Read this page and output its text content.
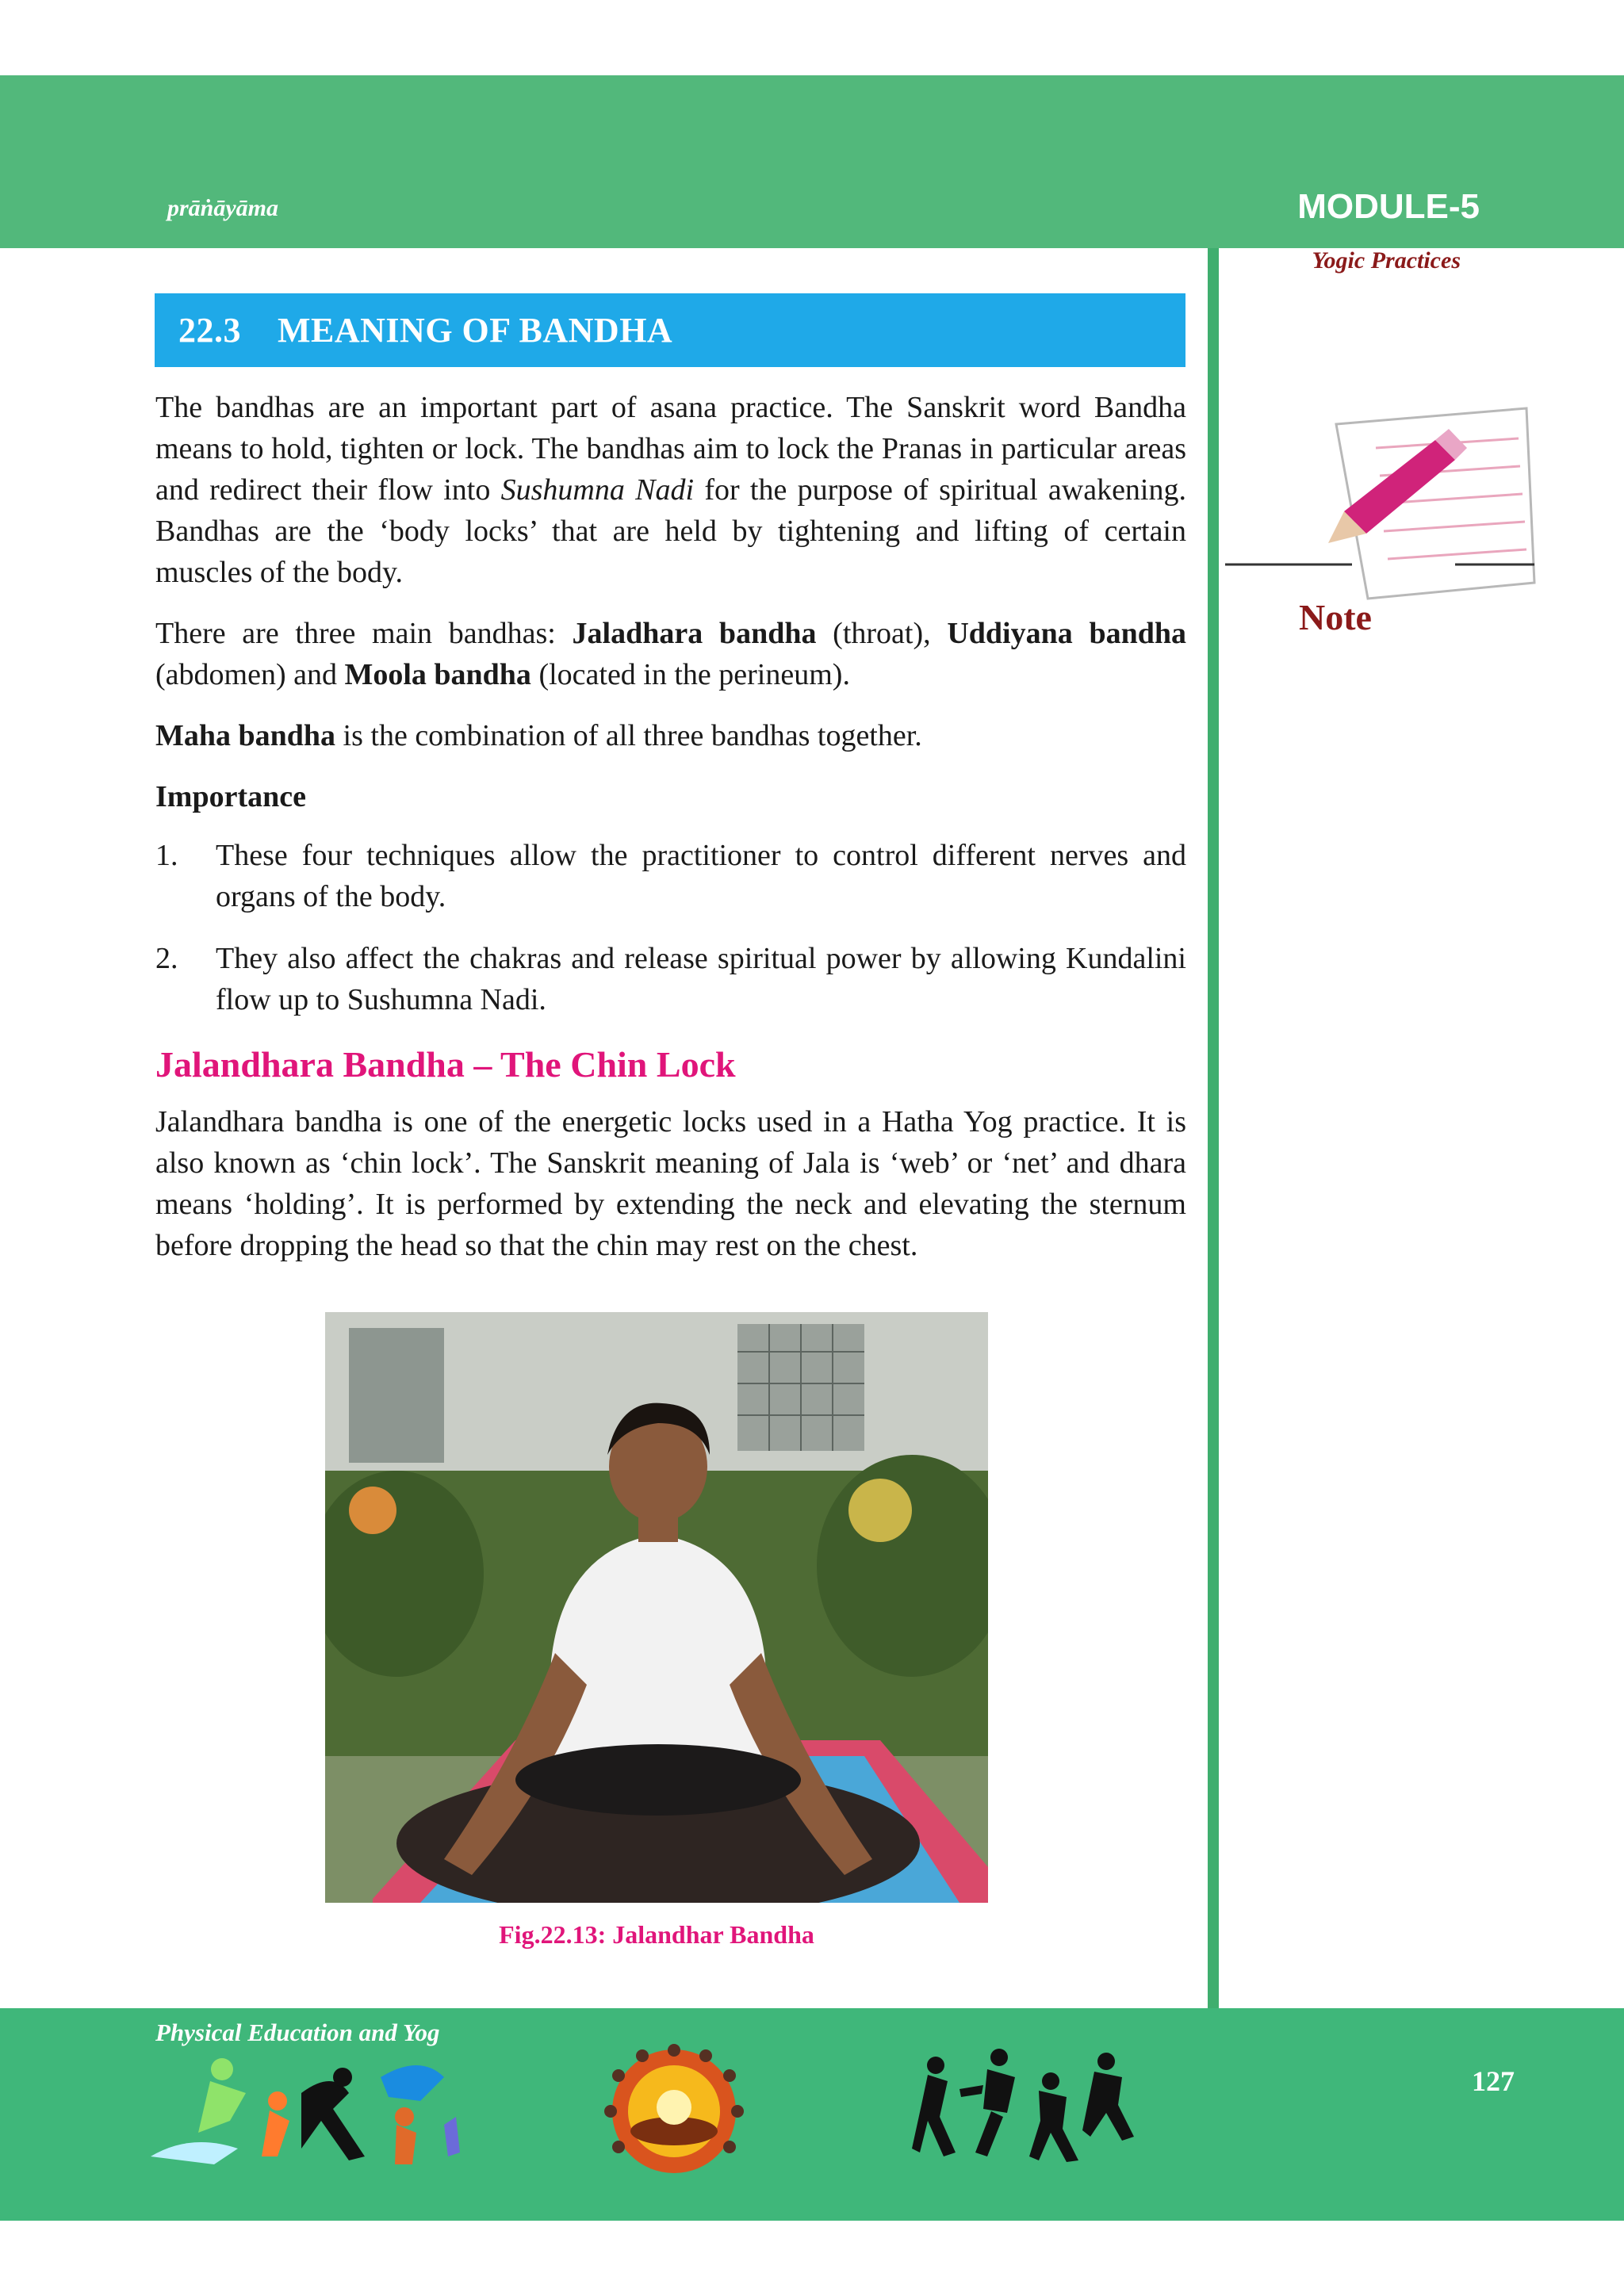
prāṅāyāma	MODULE-5
Yogic Practices
22.3 MEANING OF BANDHA

The bandhas are an important part of asana practice. The Sanskrit word Bandha means to hold, tighten or lock. The bandhas aim to lock the Pranas in particular areas and redirect their flow into Sushumna Nadi for the purpose of spiritual awakening. Bandhas are the ‘body locks’ that are held by tightening and lifting of certain muscles of the body.

There are three main bandhas: Jaladhara bandha (throat), Uddiyana bandha (abdomen) and Moola bandha (located in the perineum).

Maha bandha is the combination of all three bandhas together.

Importance
1. These four techniques allow the practitioner to control different nerves and organs of the body.
2. They also affect the chakras and release spiritual power by allowing Kundalini flow up to Sushumna Nadi.
Jalandhara Bandha – The Chin Lock

Jalandhara bandha is one of the energetic locks used in a Hatha Yog practice. It is also known as ‘chin lock’. The Sanskrit meaning of Jala is ‘web’ or ‘net’ and dhara means ‘holding’. It is performed by extending the neck and elevating the sternum before dropping the head so that the chin may rest on the chest.

Fig.22.13: Jalandhar Bandha
Note
Physical Education and Yog
127
